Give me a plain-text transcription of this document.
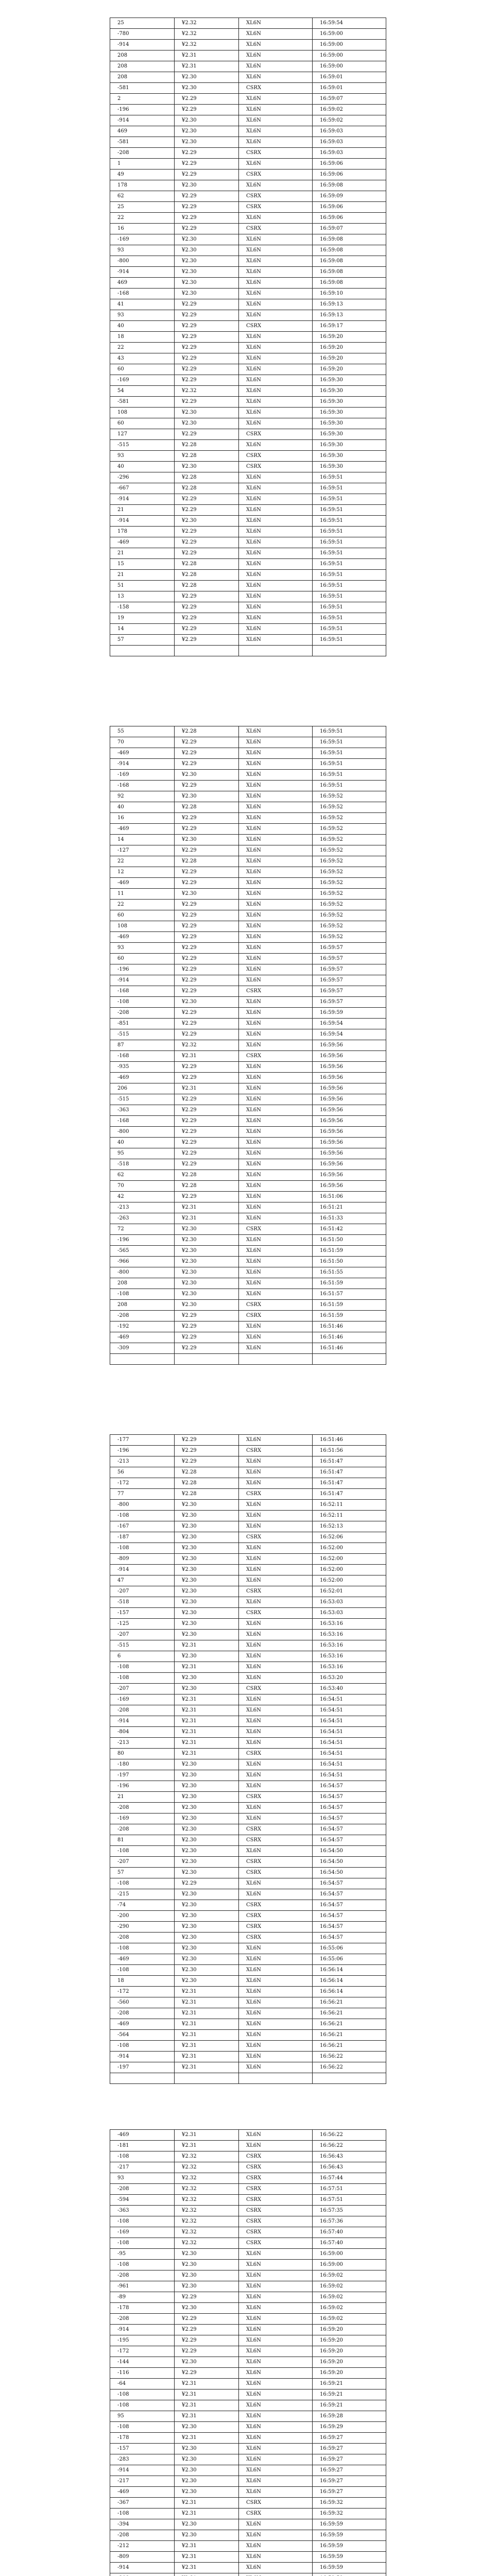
25	¥2.32	XL6N	16:59:54
-780	¥2.32	XL6N	16:59:00
-914	¥2.32	XL6N	16:59:00
208	¥2.31	XL6N	16:59:00
208	¥2.31	XL6N	16:59:00
208	¥2.30	XL6N	16:59:01
-581	¥2.30	CSRX	16:59:01
2	¥2.29	XL6N	16:59:07
-196	¥2.29	XL6N	16:59:02
-914	¥2.30	XL6N	16:59:02
469	¥2.30	XL6N	16:59:03
-581	¥2.30	XL6N	16:59:03
-208	¥2.29	CSRX	16:59:03
1	¥2.29	XL6N	16:59:06
49	¥2.29	CSRX	16:59:06
178	¥2.30	XL6N	16:59:08
62	¥2.29	CSRX	16:59:09
25	¥2.29	CSRX	16:59:06
22	¥2.29	XL6N	16:59:06
16	¥2.29	CSRX	16:59:07
-169	¥2.30	XL6N	16:59:08
93	¥2.30	XL6N	16:59:08
-800	¥2.30	XL6N	16:59:08
-914	¥2.30	XL6N	16:59:08
469	¥2.30	XL6N	16:59:08
-168	¥2.30	XL6N	16:59:10
41	¥2.29	XL6N	16:59:13
93	¥2.29	XL6N	16:59:13
40	¥2.29	CSRX	16:59:17
18	¥2.29	XL6N	16:59:20
22	¥2.29	XL6N	16:59:20
43	¥2.29	XL6N	16:59:20
60	¥2.29	XL6N	16:59:20
-169	¥2.29	XL6N	16:59:30
54	¥2.32	XL6N	16:59:30
-581	¥2.29	XL6N	16:59:30
108	¥2.30	XL6N	16:59:30
60	¥2.30	XL6N	16:59:30
127	¥2.29	CSRX	16:59:30
-515	¥2.28	XL6N	16:59:30
93	¥2.28	CSRX	16:59:30
40	¥2.30	CSRX	16:59:30
-296	¥2.28	XL6N	16:59:51
-667	¥2.28	XL6N	16:59:51
-914	¥2.29	XL6N	16:59:51
21	¥2.29	XL6N	16:59:51
-914	¥2.30	XL6N	16:59:51
178	¥2.29	XL6N	16:59:51
-469	¥2.29	XL6N	16:59:51
21	¥2.29	XL6N	16:59:51
15	¥2.28	XL6N	16:59:51
21	¥2.28	XL6N	16:59:51
51	¥2.28	XL6N	16:59:51
13	¥2.29	XL6N	16:59:51
-158	¥2.29	XL6N	16:59:51
19	¥2.29	XL6N	16:59:51
14	¥2.29	XL6N	16:59:51
57	¥2.29	XL6N	16:59:51

55	¥2.28	XL6N	16:59:51
70	¥2.29	XL6N	16:59:51
-469	¥2.29	XL6N	16:59:51
-914	¥2.29	XL6N	16:59:51
-169	¥2.30	XL6N	16:59:51
-168	¥2.29	XL6N	16:59:51
92	¥2.30	XL6N	16:59:52
40	¥2.28	XL6N	16:59:52
16	¥2.29	XL6N	16:59:52
-469	¥2.29	XL6N	16:59:52
14	¥2.30	XL6N	16:59:52
-127	¥2.29	XL6N	16:59:52
22	¥2.28	XL6N	16:59:52
12	¥2.29	XL6N	16:59:52
-469	¥2.29	XL6N	16:59:52
11	¥2.30	XL6N	16:59:52
22	¥2.29	XL6N	16:59:52
60	¥2.29	XL6N	16:59:52
108	¥2.29	XL6N	16:59:52
-469	¥2.29	XL6N	16:59:52
93	¥2.29	XL6N	16:59:57
60	¥2.29	XL6N	16:59:57
-196	¥2.29	XL6N	16:59:57
-914	¥2.29	XL6N	16:59:57
-168	¥2.29	CSRX	16:59:57
-108	¥2.30	XL6N	16:59:57
-208	¥2.29	XL6N	16:59:59
-851	¥2.29	XL6N	16:59:54
-515	¥2.29	XL6N	16:59:54
87	¥2.32	XL6N	16:59:56
-168	¥2.31	CSRX	16:59:56
-935	¥2.29	XL6N	16:59:56
-469	¥2.29	XL6N	16:59:56
206	¥2.31	XL6N	16:59:56
-515	¥2.29	XL6N	16:59:56
-363	¥2.29	XL6N	16:59:56
-168	¥2.29	XL6N	16:59:56
-800	¥2.29	XL6N	16:59:56
40	¥2.29	XL6N	16:59:56
95	¥2.29	XL6N	16:59:56
-518	¥2.29	XL6N	16:59:56
62	¥2.28	XL6N	16:59:56
70	¥2.28	XL6N	16:59:56
42	¥2.29	XL6N	16:51:06
-213	¥2.31	XL6N	16:51:21
-263	¥2.31	XL6N	16:51:33
72	¥2.30	CSRX	16:51:42
-196	¥2.30	XL6N	16:51:50
-565	¥2.30	XL6N	16:51:59
-966	¥2.30	XL6N	16:51:50
-800	¥2.30	XL6N	16:51:55
208	¥2.30	XL6N	16:51:59
-108	¥2.30	XL6N	16:51:57
208	¥2.30	CSRX	16:51:59
-208	¥2.29	CSRX	16:51:59
-192	¥2.29	XL6N	16:51:46
-469	¥2.29	XL6N	16:51:46
-309	¥2.29	XL6N	16:51:46

-177	¥2.29	XL6N	16:51:46
-196	¥2.29	CSRX	16:51:56
-213	¥2.29	XL6N	16:51:47
56	¥2.28	XL6N	16:51:47
-172	¥2.28	XL6N	16:51:47
77	¥2.28	CSRX	16:51:47
-800	¥2.30	XL6N	16:52:11
-108	¥2.30	XL6N	16:52:11
-167	¥2.30	XL6N	16:52:13
-187	¥2.30	CSRX	16:52:06
-108	¥2.30	XL6N	16:52:00
-809	¥2.30	XL6N	16:52:00
-914	¥2.30	XL6N	16:52:00
47	¥2.30	XL6N	16:52:00
-207	¥2.30	CSRX	16:52:01
-518	¥2.30	XL6N	16:53:03
-157	¥2.30	CSRX	16:53:03
-125	¥2.30	XL6N	16:53:16
-207	¥2.30	XL6N	16:53:16
-515	¥2.31	XL6N	16:53:16
6	¥2.30	XL6N	16:53:16
-108	¥2.31	XL6N	16:53:16
-108	¥2.30	XL6N	16:53:20
-207	¥2.30	CSRX	16:53:40
-169	¥2.31	XL6N	16:54:51
-208	¥2.31	XL6N	16:54:51
-914	¥2.31	XL6N	16:54:51
-804	¥2.31	XL6N	16:54:51
-213	¥2.31	XL6N	16:54:51
80	¥2.31	CSRX	16:54:51
-180	¥2.30	XL6N	16:54:51
-197	¥2.30	XL6N	16:54:51
-196	¥2.30	XL6N	16:54:57
21	¥2.30	CSRX	16:54:57
-208	¥2.30	XL6N	16:54:57
-169	¥2.30	XL6N	16:54:57
-208	¥2.30	CSRX	16:54:57
81	¥2.30	CSRX	16:54:57
-108	¥2.30	XL6N	16:54:50
-207	¥2.30	CSRX	16:54:50
57	¥2.30	CSRX	16:54:50
-108	¥2.29	XL6N	16:54:57
-215	¥2.30	XL6N	16:54:57
-74	¥2.30	CSRX	16:54:57
-200	¥2.30	CSRX	16:54:57
-290	¥2.30	CSRX	16:54:57
-208	¥2.30	CSRX	16:54:57
-108	¥2.30	XL6N	16:55:06
-469	¥2.30	XL6N	16:55:06
-108	¥2.30	XL6N	16:56:14
18	¥2.30	XL6N	16:56:14
-172	¥2.31	XL6N	16:56:14
-560	¥2.31	XL6N	16:56:21
-208	¥2.31	XL6N	16:56:21
-469	¥2.31	XL6N	16:56:21
-564	¥2.31	XL6N	16:56:21
-108	¥2.31	XL6N	16:56:21
-914	¥2.31	XL6N	16:56:22
-197	¥2.31	XL6N	16:56:22

-469	¥2.31	XL6N	16:56:22
-181	¥2.31	XL6N	16:56:22
-108	¥2.32	CSRX	16:56:43
-217	¥2.32	CSRX	16:56:43
93	¥2.32	CSRX	16:57:44
-208	¥2.32	CSRX	16:57:51
-594	¥2.32	CSRX	16:57:51
-363	¥2.32	CSRX	16:57:35
-108	¥2.32	CSRX	16:57:36
-169	¥2.32	CSRX	16:57:40
-108	¥2.32	CSRX	16:57:40
-95	¥2.30	XL6N	16:59:00
-108	¥2.30	XL6N	16:59:00
-208	¥2.30	XL6N	16:59:02
-961	¥2.30	XL6N	16:59:02
-89	¥2.29	XL6N	16:59:02
-178	¥2.30	XL6N	16:59:02
-208	¥2.29	XL6N	16:59:02
-914	¥2.29	XL6N	16:59:20
-195	¥2.29	XL6N	16:59:20
-172	¥2.29	XL6N	16:59:20
-144	¥2.30	XL6N	16:59:20
-116	¥2.29	XL6N	16:59:20
-64	¥2.31	XL6N	16:59:21
-108	¥2.31	XL6N	16:59:21
-108	¥2.31	XL6N	16:59:21
95	¥2.31	XL6N	16:59:28
-108	¥2.30	XL6N	16:59:29
-178	¥2.31	XL6N	16:59:27
-157	¥2.30	XL6N	16:59:27
-283	¥2.30	XL6N	16:59:27
-914	¥2.30	XL6N	16:59:27
-217	¥2.30	XL6N	16:59:27
-469	¥2.30	XL6N	16:59:27
-367	¥2.31	CSRX	16:59:32
-108	¥2.31	CSRX	16:59:32
-394	¥2.30	XL6N	16:59:59
-208	¥2.30	XL6N	16:59:59
-212	¥2.31	XL6N	16:59:59
-809	¥2.31	XL6N	16:59:59
-914	¥2.31	XL6N	16:59:59
